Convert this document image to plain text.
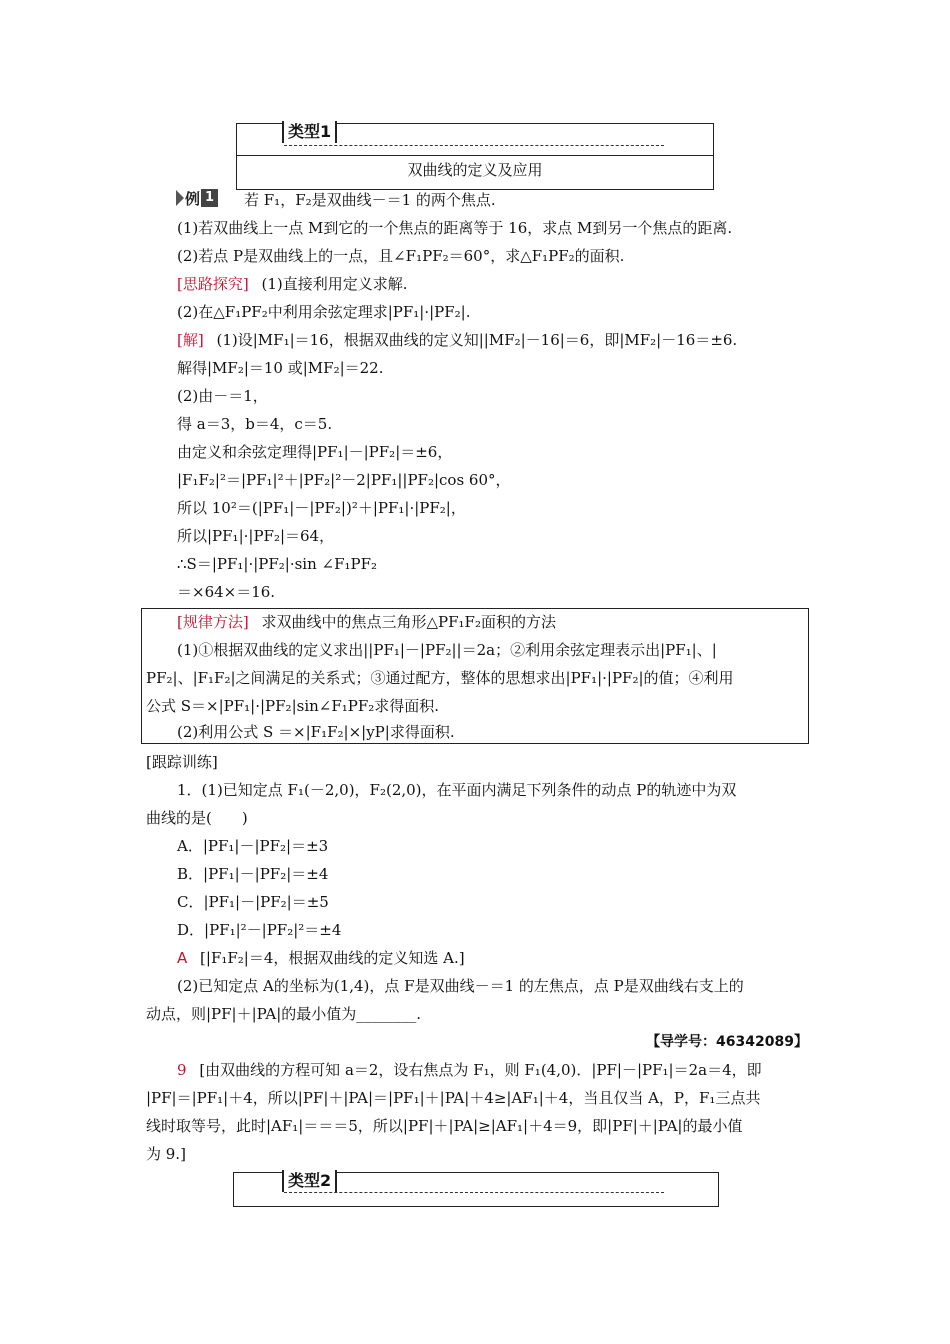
类型1
双曲线的定义及应用
例 1 若 F₁，F₂是双曲线－＝1 的两个焦点.
(1)若双曲线上一点 M到它的一个焦点的距离等于 16，求点 M到另一个焦点的距离.
(2)若点 P是双曲线上的一点，且∠F₁PF₂＝60°，求△F₁PF₂的面积.
[思路探究] (1)直接利用定义求解.
(2)在△F₁PF₂中利用余弦定理求|PF₁|·|PF₂|.
[解] (1)设|MF₁|＝16，根据双曲线的定义知||MF₂|－16|＝6，即|MF₂|－16＝±6.
解得|MF₂|＝10 或|MF₂|＝22.
(2)由－＝1，
得 a＝3，b＝4，c＝5.
由定义和余弦定理得|PF₁|－|PF₂|＝±6，
|F₁F₂|²＝|PF₁|²＋|PF₂|²－2|PF₁||PF₂|cos 60°，
所以 10²＝(|PF₁|－|PF₂|)²＋|PF₁|·|PF₂|，
所以|PF₁|·|PF₂|＝64，
∴S＝|PF₁|·|PF₂|·sin ∠F₁PF₂
＝×64×＝16.
[规律方法] 求双曲线中的焦点三角形△PF₁F₂面积的方法
(1)①根据双曲线的定义求出||PF₁|－|PF₂||＝2a；②利用余弦定理表示出|PF₁|、|
PF₂|、|F₁F₂|之间满足的关系式；③通过配方，整体的思想求出|PF₁|·|PF₂|的值；④利用
公式 S＝×|PF₁|·|PF₂|sin∠F₁PF₂求得面积.
(2)利用公式 S ＝×|F₁F₂|×|yP|求得面积.
[跟踪训练]
1．(1)已知定点 F₁(－2,0)，F₂(2,0)，在平面内满足下列条件的动点 P的轨迹中为双
曲线的是(　　)
A．|PF₁|－|PF₂|＝±3
B．|PF₁|－|PF₂|＝±4
C．|PF₁|－|PF₂|＝±5
D．|PF₁|²－|PF₂|²＝±4
A [|F₁F₂|＝4，根据双曲线的定义知选 A.]
(2)已知定点 A的坐标为(1,4)，点 F是双曲线－＝1 的左焦点，点 P是双曲线右支上的
动点，则|PF|＋|PA|的最小值为________.
【导学号：46342089】
9 [由双曲线的方程可知 a＝2，设右焦点为 F₁，则 F₁(4,0)．|PF|－|PF₁|＝2a＝4，即
|PF|＝|PF₁|＋4，所以|PF|＋|PA|＝|PF₁|＋|PA|＋4≥|AF₁|＋4，当且仅当 A，P，F₁三点共
线时取等号，此时|AF₁|＝＝＝5，所以|PF|＋|PA|≥|AF₁|＋4＝9，即|PF|＋|PA|的最小值
为 9.]
类型2
